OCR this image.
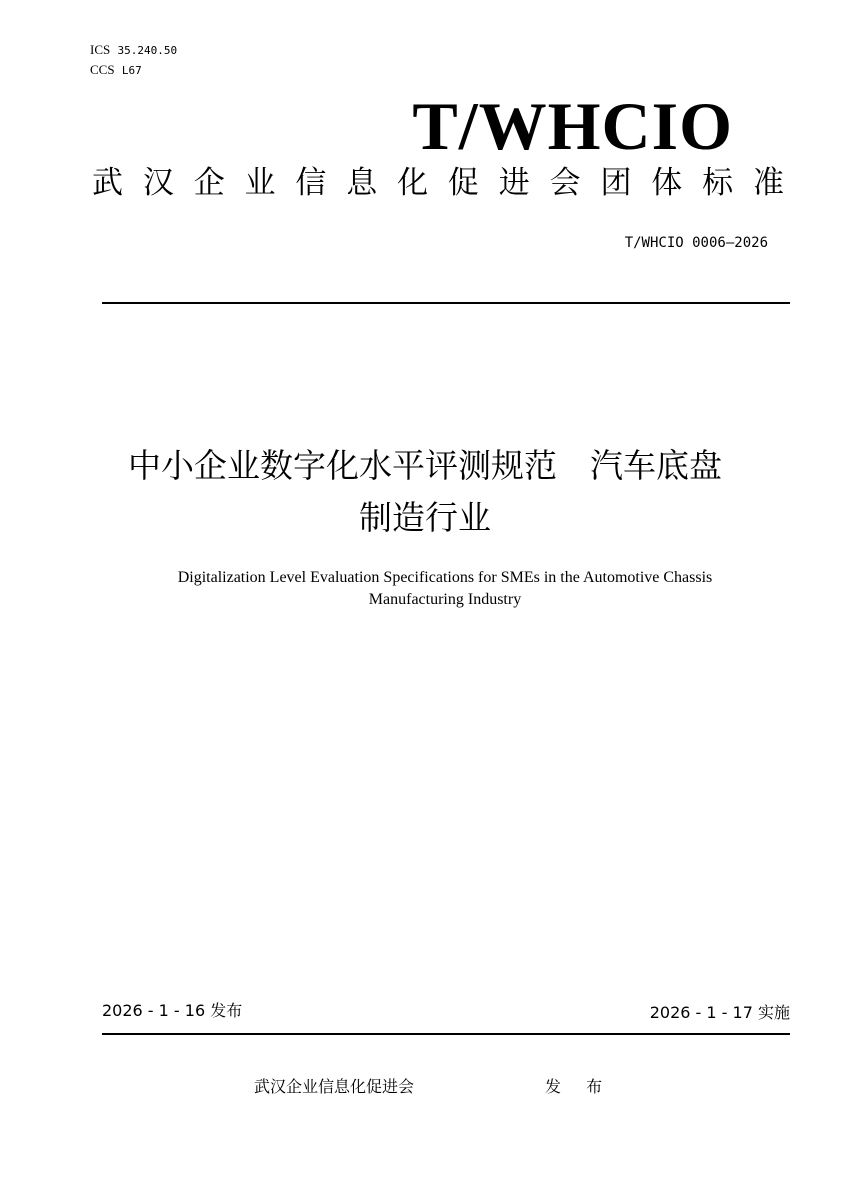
ICS 35.240.50
CCS L67
T/WHCIO
武 汉 企 业 信 息 化 促 进 会 团 体 标 准
T/WHCIO 0006—2026
中小企业数字化水平评测规范　汽车底盘
制造行业
Digitalization Level Evaluation Specifications for SMEs in the Automotive Chassis
Manufacturing Industry
2026 - 1 - 16 发布	2026 - 1 - 17 实施
武汉企业信息化促进会	发 布
